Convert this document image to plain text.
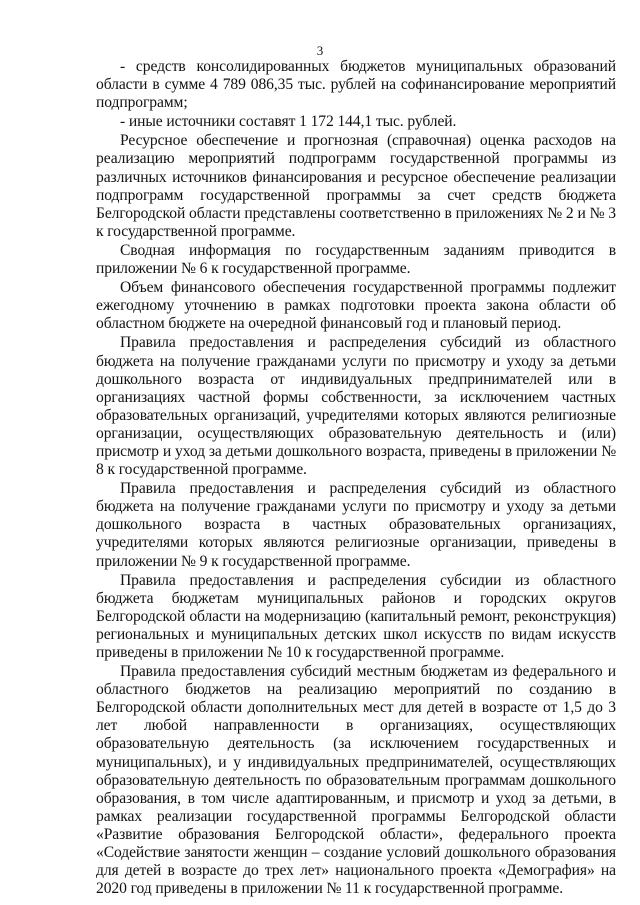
3

- средств консолидированных бюджетов муниципальных образований области в сумме 4 789 086,35 тыс. рублей на софинансирование мероприятий подпрограмм;

- иные источники составят 1 172 144,1 тыс. рублей.

Ресурсное обеспечение и прогнозная (справочная) оценка расходов на реализацию мероприятий подпрограмм государственной программы из различных источников финансирования и ресурсное обеспечение реализации подпрограмм государственной программы за счет средств бюджета Белгородской области представлены соответственно в приложениях № 2 и № 3 к государственной программе.

Сводная информация по государственным заданиям приводится в приложении № 6 к государственной программе.

Объем финансового обеспечения государственной программы подлежит ежегодному уточнению в рамках подготовки проекта закона области об областном бюджете на очередной финансовый год и плановый период.

Правила предоставления и распределения субсидий из областного бюджета на получение гражданами услуги по присмотру и уходу за детьми дошкольного возраста от индивидуальных предпринимателей или в организациях частной формы собственности, за исключением частных образовательных организаций, учредителями которых являются религиозные организации, осуществляющих образовательную деятельность и (или) присмотр и уход за детьми дошкольного возраста, приведены в приложении № 8 к государственной программе.

Правила предоставления и распределения субсидий из областного бюджета на получение гражданами услуги по присмотру и уходу за детьми дошкольного возраста в частных образовательных организациях, учредителями которых являются религиозные организации, приведены в приложении № 9 к государственной программе.

Правила предоставления и распределения субсидии из областного бюджета бюджетам муниципальных районов и городских округов Белгородской области на модернизацию (капитальный ремонт, реконструкция) региональных и муниципальных детских школ искусств по видам искусств приведены в приложении № 10 к государственной программе.

Правила предоставления субсидий местным бюджетам из федерального и областного бюджетов на реализацию мероприятий по созданию в Белгородской области дополнительных мест для детей в возрасте от 1,5 до 3 лет любой направленности в организациях, осуществляющих образовательную деятельность (за исключением государственных и муниципальных), и у индивидуальных предпринимателей, осуществляющих образовательную деятельность по образовательным программам дошкольного образования, в том числе адаптированным, и присмотр и уход за детьми, в рамках реализации государственной программы Белгородской области «Развитие образования Белгородской области», федерального проекта «Содействие занятости женщин – создание условий дошкольного образования для детей в возрасте до трех лет» национального проекта «Демография» на 2020 год приведены в приложении № 11 к государственной программе.
